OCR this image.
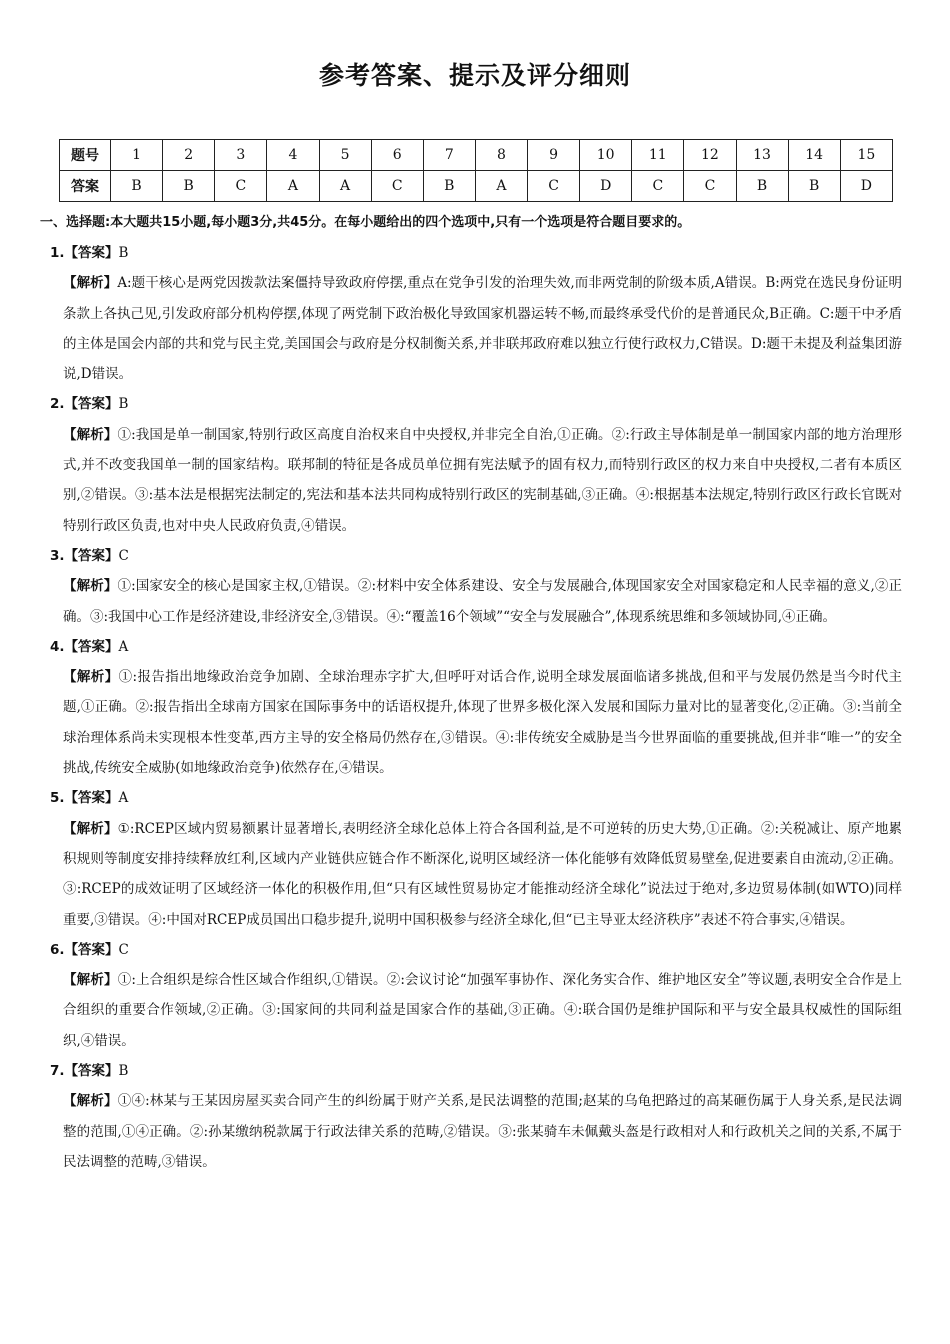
参考答案、提示及评分细则
题号	1	2	3	4	5	6	7	8	9	10	11	12	13	14	15
答案	B	B	C	A	A	C	B	A	C	D	C	C	B	B	D
一、选择题:本大题共15小题,每小题3分,共45分。在每小题给出的四个选项中,只有一个选项是符合题目要求的。
1.【答案】B
【解析】A:题干核心是两党因拨款法案僵持导致政府停摆,重点在党争引发的治理失效,而非两党制的阶级本质,A错误。B:两党在选民身份证明条款上各执己见,引发政府部分机构停摆,体现了两党制下政治极化导致国家机器运转不畅,而最终承受代价的是普通民众,B正确。C:题干中矛盾的主体是国会内部的共和党与民主党,美国国会与政府是分权制衡关系,并非联邦政府难以独立行使行政权力,C错误。D:题干未提及利益集团游说,D错误。
2.【答案】B
【解析】①:我国是单一制国家,特别行政区高度自治权来自中央授权,并非完全自治,①正确。②:行政主导体制是单一制国家内部的地方治理形式,并不改变我国单一制的国家结构。联邦制的特征是各成员单位拥有宪法赋予的固有权力,而特别行政区的权力来自中央授权,二者有本质区别,②错误。③:基本法是根据宪法制定的,宪法和基本法共同构成特别行政区的宪制基础,③正确。④:根据基本法规定,特别行政区行政长官既对特别行政区负责,也对中央人民政府负责,④错误。
3.【答案】C
【解析】①:国家安全的核心是国家主权,①错误。②:材料中安全体系建设、安全与发展融合,体现国家安全对国家稳定和人民幸福的意义,②正确。③:我国中心工作是经济建设,非经济安全,③错误。④:“覆盖16个领域”“安全与发展融合”,体现系统思维和多领域协同,④正确。
4.【答案】A
【解析】①:报告指出地缘政治竞争加剧、全球治理赤字扩大,但呼吁对话合作,说明全球发展面临诸多挑战,但和平与发展仍然是当今时代主题,①正确。②:报告指出全球南方国家在国际事务中的话语权提升,体现了世界多极化深入发展和国际力量对比的显著变化,②正确。③:当前全球治理体系尚未实现根本性变革,西方主导的安全格局仍然存在,③错误。④:非传统安全威胁是当今世界面临的重要挑战,但并非“唯一”的安全挑战,传统安全威胁(如地缘政治竞争)依然存在,④错误。
5.【答案】A
【解析】①:RCEP区域内贸易额累计显著增长,表明经济全球化总体上符合各国利益,是不可逆转的历史大势,①正确。②:关税减让、原产地累积规则等制度安排持续释放红利,区域内产业链供应链合作不断深化,说明区域经济一体化能够有效降低贸易壁垒,促进要素自由流动,②正确。③:RCEP的成效证明了区域经济一体化的积极作用,但“只有区域性贸易协定才能推动经济全球化”说法过于绝对,多边贸易体制(如WTO)同样重要,③错误。④:中国对RCEP成员国出口稳步提升,说明中国积极参与经济全球化,但“已主导亚太经济秩序”表述不符合事实,④错误。
6.【答案】C
【解析】①:上合组织是综合性区域合作组织,①错误。②:会议讨论“加强军事协作、深化务实合作、维护地区安全”等议题,表明安全合作是上合组织的重要合作领域,②正确。③:国家间的共同利益是国家合作的基础,③正确。④:联合国仍是维护国际和平与安全最具权威性的国际组织,④错误。
7.【答案】B
【解析】①④:林某与王某因房屋买卖合同产生的纠纷属于财产关系,是民法调整的范围;赵某的乌龟把路过的高某砸伤属于人身关系,是民法调整的范围,①④正确。②:孙某缴纳税款属于行政法律关系的范畴,②错误。③:张某骑车未佩戴头盔是行政相对人和行政机关之间的关系,不属于民法调整的范畴,③错误。
